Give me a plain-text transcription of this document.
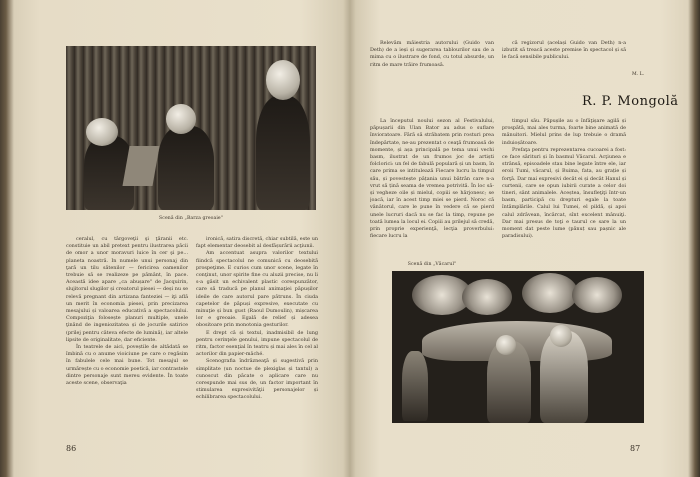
Scenă din „Barza greoaie"

ceralul, cu târgoveţii şi ţăranii etc. constituie un abil pretext pentru ilustrarea păcii de omor a unor moravuri luice în cer şi pe... planeta noastră. In numele unui personaj din ţară un tilu sătenilor — fericirea oamenilor trebuie să se realizeze pe pământ, în pace. Această idee apare „ca abușare" de Jacquirin, slujitorul slugilor și creatorul piesei — deși nu se relevă pregnant din artizana fanteziei — iţi află un merit în economia piesei, prin precizarea mesajului și valoarea educativă a spectacolului. Compoziţia folosește planuri multiple, unele ţinând de ingeniozitatea și de jocurile satirice (prilej pentru câteva efecte de lumină), iar altele lipsite de originalitate, dar eficiente.

În teatrele de aici, poveștile de altădată se îmbină cu o anume vioiciune pe care o regăsim în fabulele cele mai bune. Tot mesajul se urmărește cu o economie poetică, iar contrastele dintre personaje sunt mereu evidente. În toate aceste scene, observaţia

ironică, satira discretă, chiar subtilă, este un fapt elementar deosebit al desfășurării acţiunii.

Am accentuat asupra valorilor textului fiindcă spectacolul ne comunică cu deosebită prospeţime. E curios cum unor scene, legate în conţinut, unor spirite fine cu aluzii precise, nu li s-a găsit un echivalent plastic corespunzător, care să traducă pe planul animaţiei păpușilor ideile de care autorul pare pătruns. În ciuda capetelor de păpuși expresive, executate cu minuţie și bun gust (Raoul Dumoulin), mișcarea lor e greoaie. Egală de relief și adesea obositoare prin monotonia gesturilor.

E drept că și textul, inadmisibil de lung pentru cerinţele genului, impune spectacolul de ritm, factor esenţial în teatru și mai ales în cel al actorilor din papier-mâché.

Scenografia îndrăzneaţă și sugestivă prin simplitate (un noctue de plexiglas și tantul) a cunoscut din păcate o aplicare care nu corespunde mai sus de, un factor important în stimularea expresivităţii personajelor și echilibrarea spectacolului.

86

Relevăm măiestria autorului (Guido van Deth) de a ieși și sugerarea tablourilor sau de a mima cu o ilustrare de fond, cu totul absurde, un ritm de mare trăire frumoasă.

că regizorul (același Guido van Deth) n-a izbutit să treacă aceste premise în spectacol și să le facă sensibile publicului.

M. L.
R. P. Mongolă

La începutul noului sezon al Festivalului, păpușarii din Ulan Bator au adus o suflare învioratoare. Fără să străbatem prin rosturi prea îndepărtate, ne-au prezentat o ceaţă frumoasă de momente, și așa principală pe tema unui vechi basm, ilustrat de un frumos joc de artiști folclorici: un fel de fabulă populară și un basm, în care prima se intitulează Fiecare lucru la timpul său, și povestește pățania unui bătrân care n-a vrut să țină seama de vremea potrivită. În loc să-și vegheze oile și mielul, copiii se hârjonesc; se joacă, iar în acest timp miei se pierd. Noroc că vânătorul, care le pune în vedere că se pierd unele lucruri dacă nu se fac la timp, repune pe toată lumea la locul ei. Copiii au prilejul să credă, prin proprie experienţă, lecţia proverbului: fiecare lucru la

timpul său. Păpușile au o înfăţișare agilă și prospătă, mai ales turma, foarte bine animată de mânuitori. Mielul prins de lup trebuie o dramă induioșătoare.

Prefaţa pentru reprezentarea cucoarei a fost: ce face sărituri și în basmul Văcarul. Acţiunea e strânsă, episoadele stau bine legate între ele, iar eroii Tumi, văcarul, și Buima, fata, au grație și forţă. Dar mai expresivi decât ei și decât Hanul și curtenii, care se opun iubirii curate a celor doi tineri, sânt animalele. Aceștea, însufleţiţi într-un basm, participă cu drepturi egale la toate întâmplările. Calul lui Tumei, el pildă, și apoi calul zdrăvean, încărcat, sînt excelent mânuiţi. Dar mai presus de toţi e taurul ce sare la un moment dat peste lume (pănuț sau pașnic ale paradisului).

Scenă din „Văcarul"
87
